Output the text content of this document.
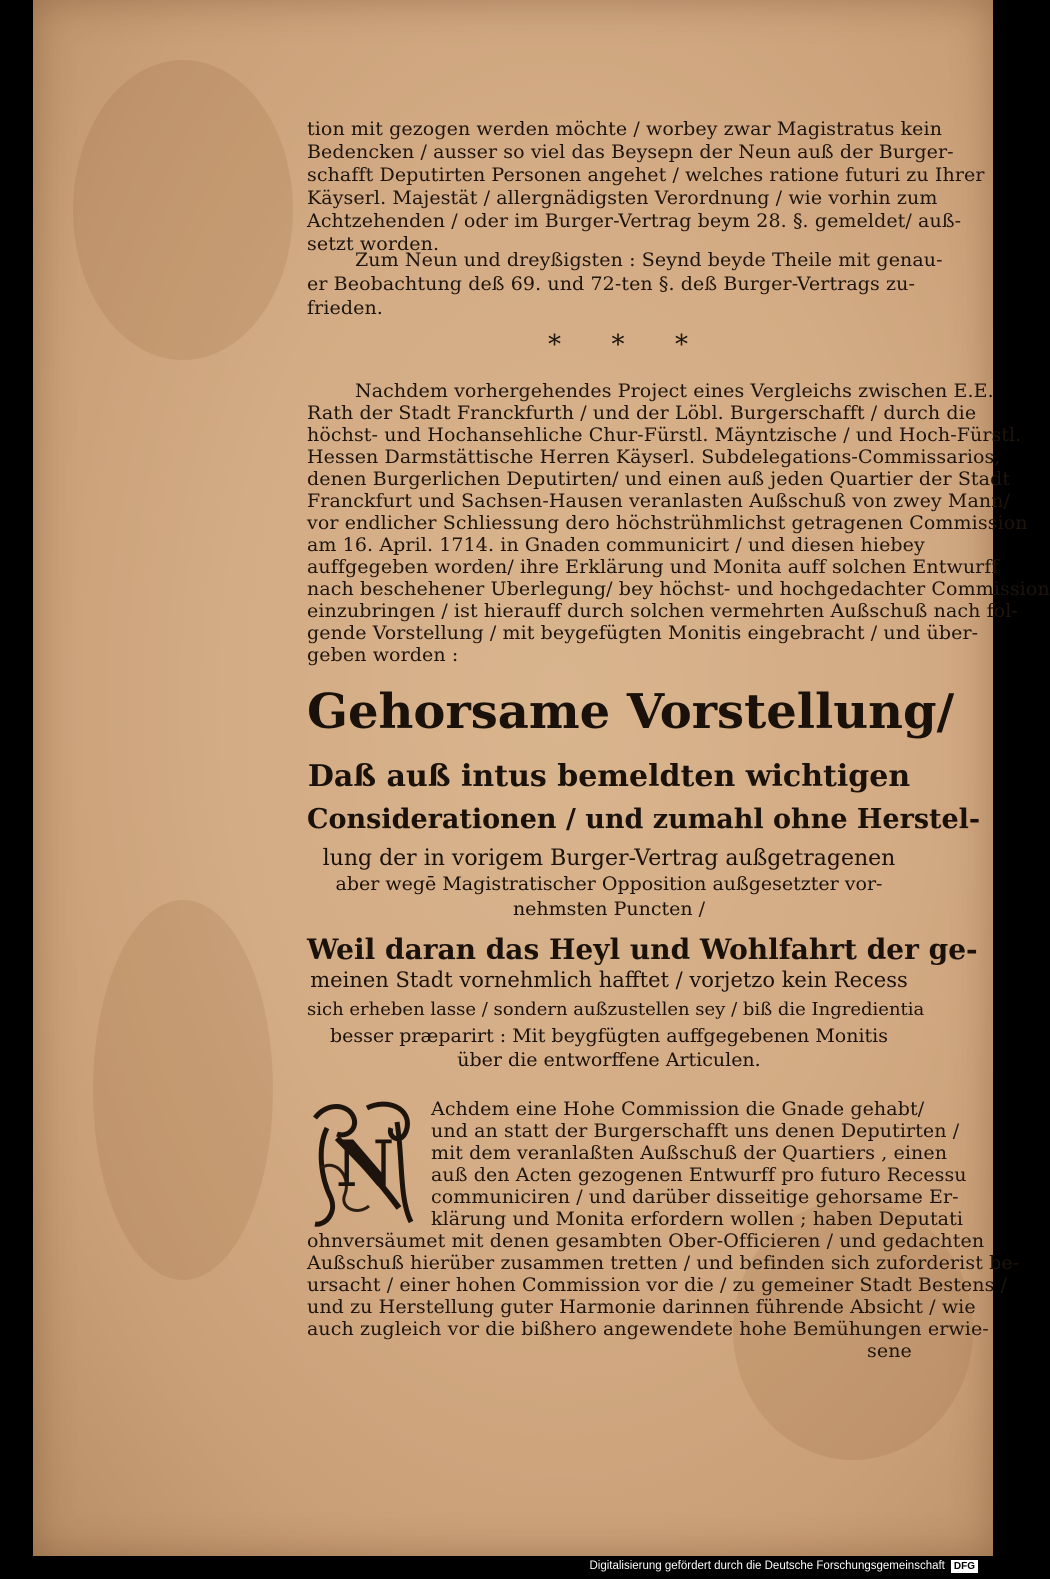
tion mit gezogen werden möchte / worbey zwar Magistratus kein
Bedencken / ausser so viel das Beysepn der Neun auß der Burger-
schafft Deputirten Personen angehet / welches ratione futuri zu Ihrer
Käyserl. Majestät / allergnädigsten Verordnung / wie vorhin zum
Achtzehenden / oder im Burger-Vertrag beym 28. §. gemeldet/ auß-
setzt worden.
Zum Neun und dreyßigsten : Seynd beyde Theile mit genau-
er Beobachtung deß 69. und 72-ten §. deß Burger-Vertrags zu-
frieden.
* * *
Nachdem vorhergehendes Project eines Vergleichs zwischen E.E.
Rath der Stadt Franckfurth / und der Löbl. Burgerschafft / durch die
höchst- und Hochansehliche Chur-Fürstl. Mäyntzische / und Hoch-Fürstl.
Hessen Darmstättische Herren Käyserl. Subdelegations-Commissarios,
denen Burgerlichen Deputirten/ und einen auß jeden Quartier der Stadt
Franckfurt und Sachsen-Hausen veranlasten Außschuß von zwey Mann/
vor endlicher Schliessung dero höchstrühmlichst getragenen Commission
am 16. April. 1714. in Gnaden communicirt / und diesen hiebey
auffgegeben worden/ ihre Erklärung und Monita auff solchen Entwurff
nach beschehener Uberlegung/ bey höchst- und hochgedachter Commission
einzubringen / ist hierauff durch solchen vermehrten Außschuß nach fol-
gende Vorstellung / mit beygefügten Monitis eingebracht / und über-
geben worden :
Gehorsame Vorstellung/
Daß auß intus bemeldten wichtigen
Considerationen / und zumahl ohne Herstel-
lung der in vorigem Burger-Vertrag außgetragenen
aber wegē Magistratischer Opposition außgesetzter vor-
nehmsten Puncten /
Weil daran das Heyl und Wohlfahrt der ge-
meinen Stadt vornehmlich hafftet / vorjetzo kein Recess
sich erheben lasse / sondern außzustellen sey / biß die Ingredientia
besser præparirt : Mit beygfügten auffgegebenen Monitis
über die entworffene Articulen.
N
Achdem eine Hohe Commission die Gnade gehabt/
und an statt der Burgerschafft uns denen Deputirten /
mit dem veranlaßten Außschuß der Quartiers , einen
auß den Acten gezogenen Entwurff pro futuro Recessu
communiciren / und darüber disseitige gehorsame Er-
klärung und Monita erfordern wollen ; haben Deputati
ohnversäumet mit denen gesambten Ober-Officieren / und gedachten
Außschuß hierüber zusammen tretten / und befinden sich zuforderist be-
ursacht / einer hohen Commission vor die / zu gemeiner Stadt Bestens /
und zu Herstellung guter Harmonie darinnen führende Absicht / wie
auch zugleich vor die bißhero angewendete hohe Bemühungen erwie-
sene
Digitalisierung gefördert durch die Deutsche Forschungsgemeinschaft DFG
